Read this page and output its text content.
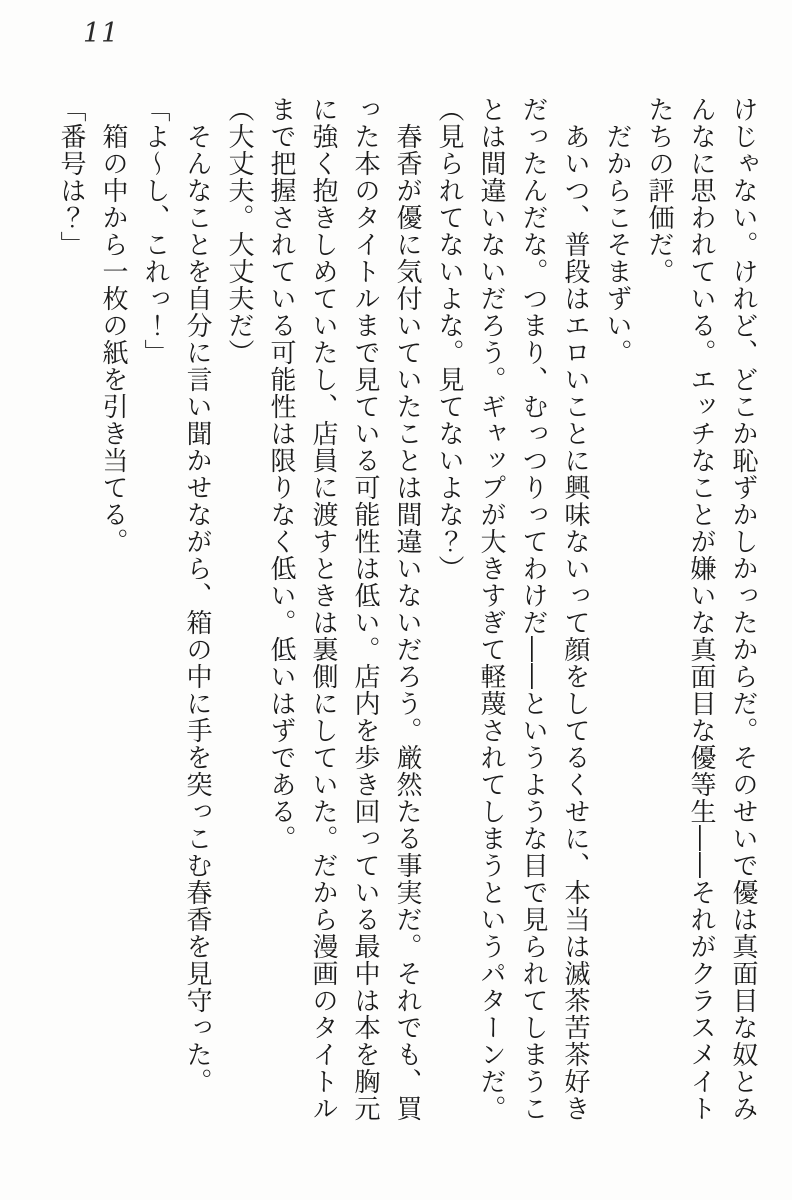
11

けじゃない。けれど、どこか恥ずかしかったからだ。そのせいで優は真面目な奴とみ

んなに思われている。エッチなことが嫌いな真面目な優等生――それがクラスメイト

たちの評価だ。

だからこそまずい。

あいつ、普段はエロいことに興味ないって顔をしてるくせに、本当は滅茶苦茶好き

だったんだな。つまり、むっつりってわけだ――というような目で見られてしまうこ

とは間違いないだろう。ギャップが大きすぎて軽蔑されてしまうというパターンだ。

（見られてないよな。見てないよな？）

春香が優に気付いていたことは間違いないだろう。厳然たる事実だ。それでも、買

った本のタイトルまで見ている可能性は低い。店内を歩き回っている最中は本を胸元

に強く抱きしめていたし、店員に渡すときは裏側にしていた。だから漫画のタイトル

まで把握されている可能性は限りなく低い。低いはずである。

（大丈夫。大丈夫だ）

そんなことを自分に言い聞かせながら、箱の中に手を突っこむ春香を見守った。

「よ〜し、これっ！」

箱の中から一枚の紙を引き当てる。

「番号は？」
